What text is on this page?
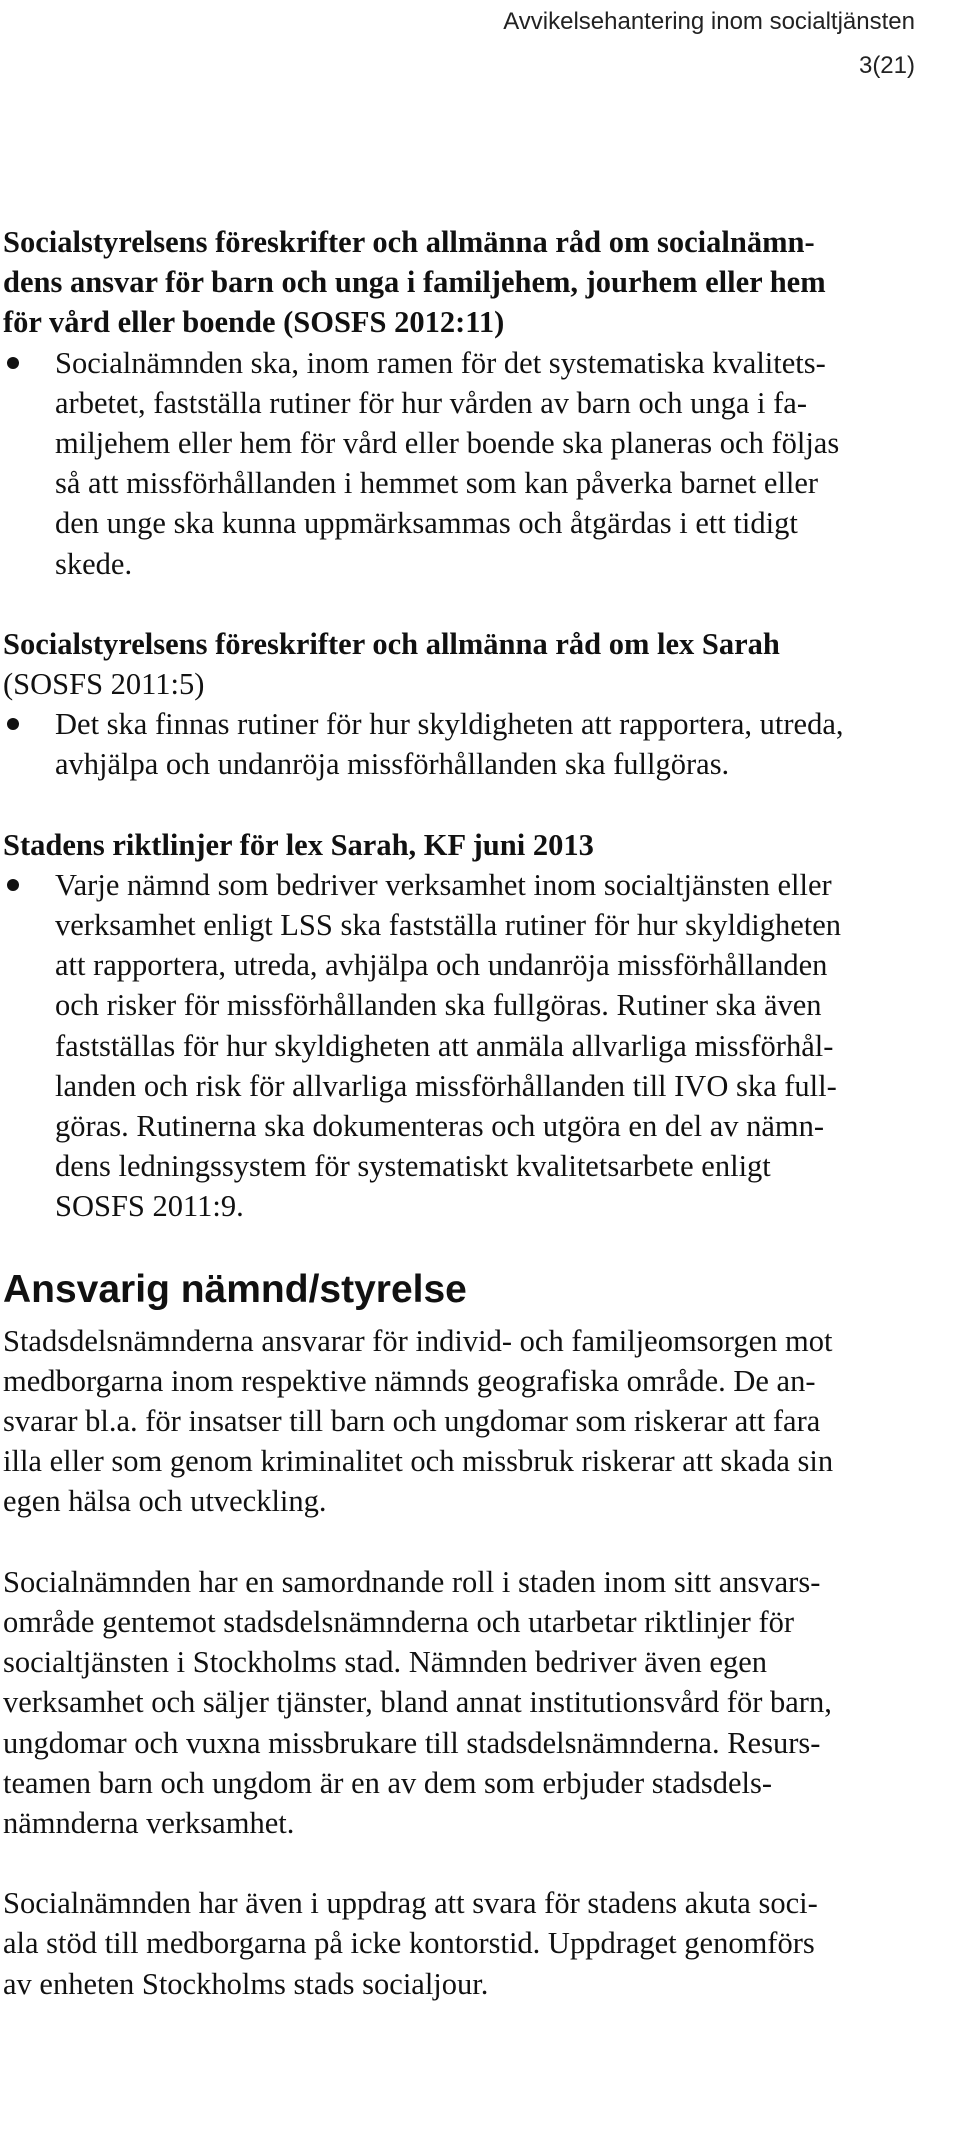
Avvikelsehantering inom socialtjänsten
3(21)
Socialstyrelsens föreskrifter och allmänna råd om socialnämn-
dens ansvar för barn och unga i familjehem, jourhem eller hem
för vård eller boende (SOSFS 2012:11)
Socialnämnden ska, inom ramen för det systematiska kvalitets-
arbetet, fastställa rutiner för hur vården av barn och unga i fa-
miljehem eller hem för vård eller boende ska planeras och följas
så att missförhållanden i hemmet som kan påverka barnet eller
den unge ska kunna uppmärksammas och åtgärdas i ett tidigt
skede.
Socialstyrelsens föreskrifter och allmänna råd om lex Sarah
(SOSFS 2011:5)
Det ska finnas rutiner för hur skyldigheten att rapportera, utreda,
avhjälpa och undanröja missförhållanden ska fullgöras.
Stadens riktlinjer för lex Sarah, KF juni 2013
Varje nämnd som bedriver verksamhet inom socialtjänsten eller
verksamhet enligt LSS ska fastställa rutiner för hur skyldigheten
att rapportera, utreda, avhjälpa och undanröja missförhållanden
och risker för missförhållanden ska fullgöras. Rutiner ska även
fastställas för hur skyldigheten att anmäla allvarliga missförhål-
landen och risk för allvarliga missförhållanden till IVO ska full-
göras. Rutinerna ska dokumenteras och utgöra en del av nämn-
dens ledningssystem för systematiskt kvalitetsarbete enligt
SOSFS 2011:9.
Ansvarig nämnd/styrelse
Stadsdelsnämnderna ansvarar för individ- och familjeomsorgen mot
medborgarna inom respektive nämnds geografiska område. De an-
svarar bl.a. för insatser till barn och ungdomar som riskerar att fara
illa eller som genom kriminalitet och missbruk riskerar att skada sin
egen hälsa och utveckling.
Socialnämnden har en samordnande roll i staden inom sitt ansvars-
område gentemot stadsdelsnämnderna och utarbetar riktlinjer för
socialtjänsten i Stockholms stad. Nämnden bedriver även egen
verksamhet och säljer tjänster, bland annat institutionsvård för barn,
ungdomar och vuxna missbrukare till stadsdelsnämnderna. Resurs-
teamen barn och ungdom är en av dem som erbjuder stadsdels-
nämnderna verksamhet.
Socialnämnden har även i uppdrag att svara för stadens akuta soci-
ala stöd till medborgarna på icke kontorstid. Uppdraget genomförs
av enheten Stockholms stads socialjour.
